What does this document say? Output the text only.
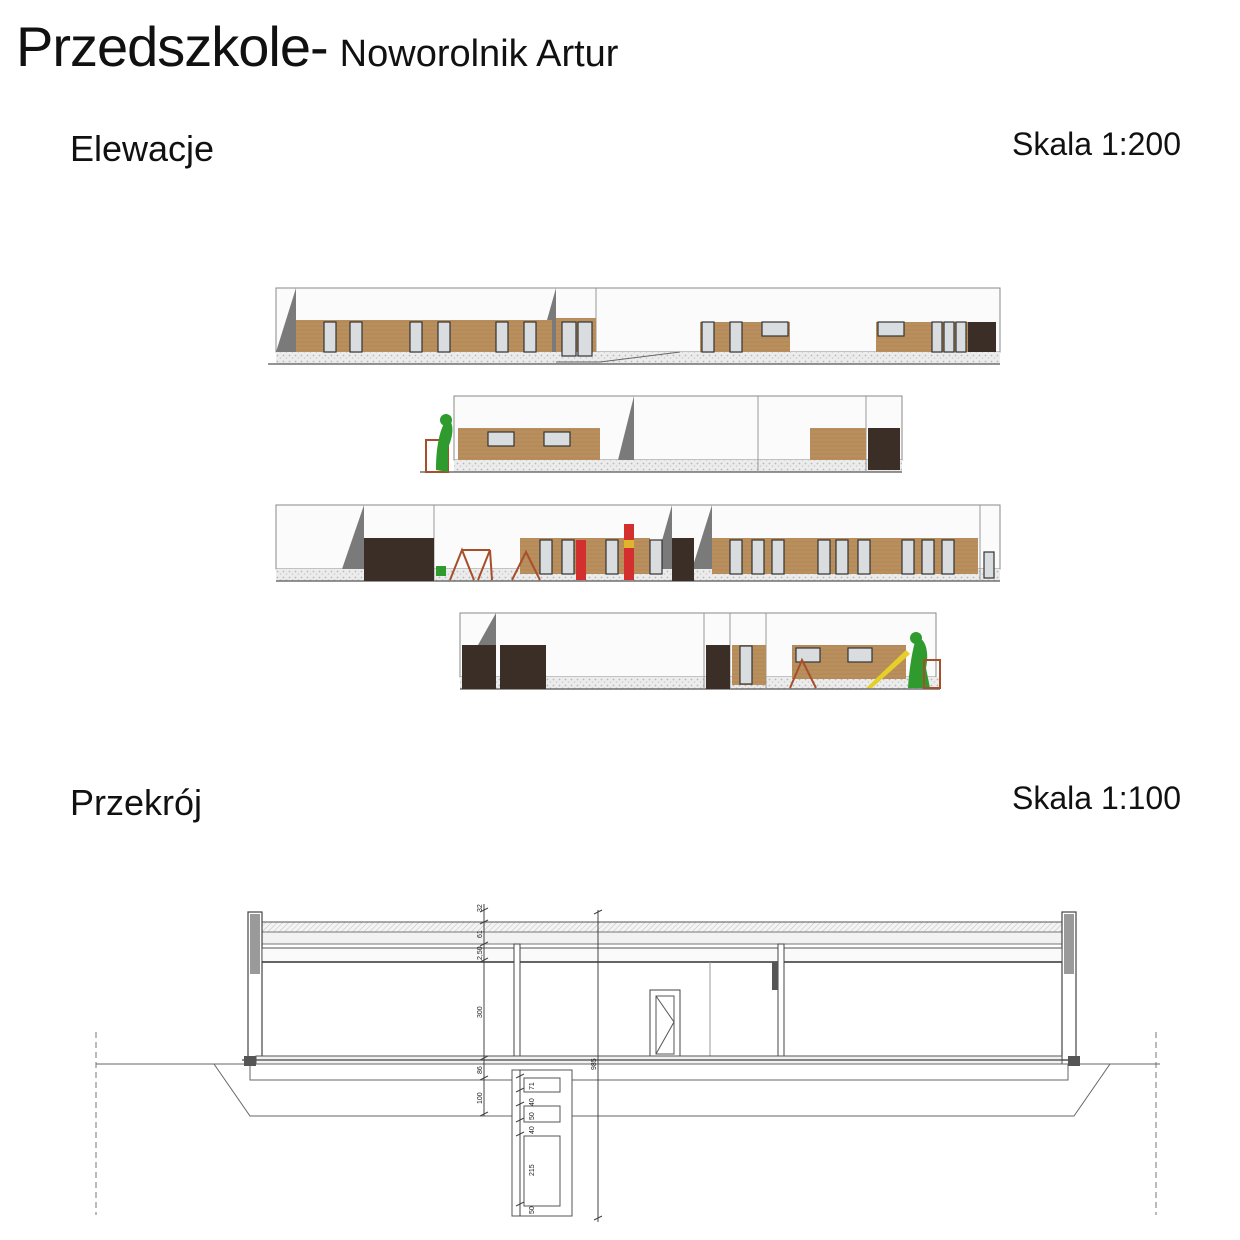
Przedszkole- Noworolnik Artur
Elewacje	Skala 1:200
Przekrój	Skala 1:100
32
61
2,50
300
86
100
985
71
40
50
40
215
50
